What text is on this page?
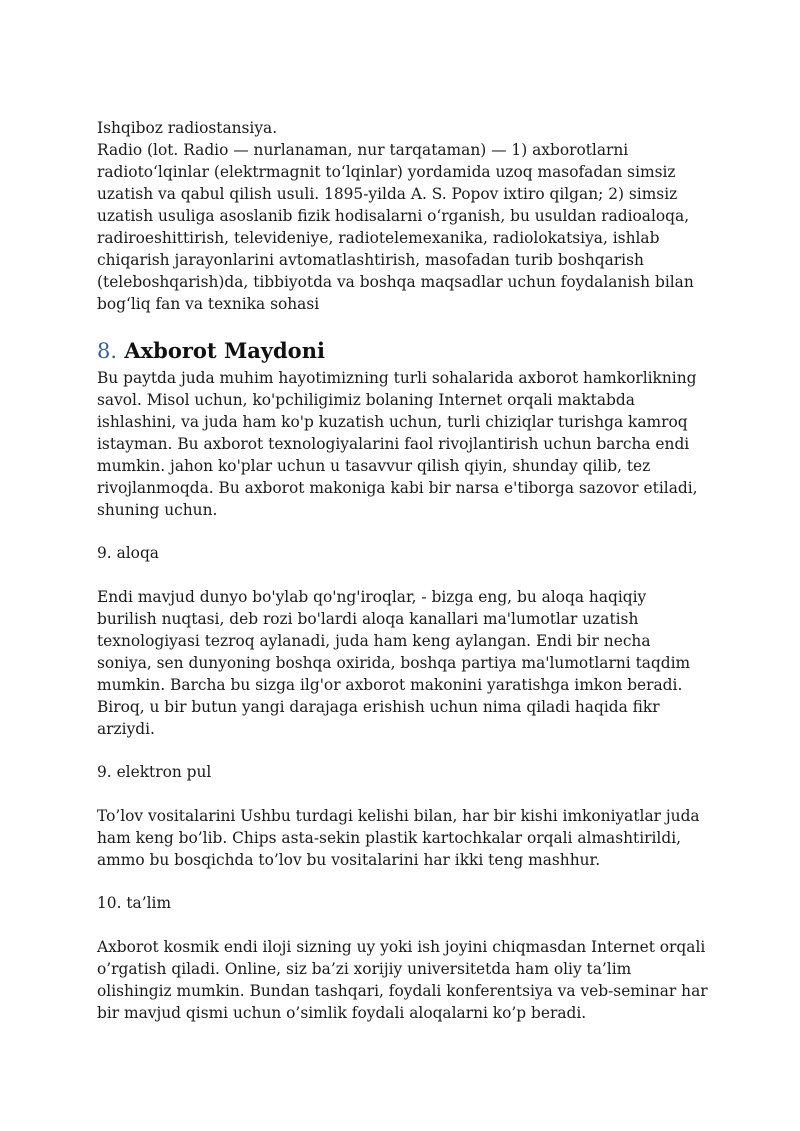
Ishqiboz radiostansiya.

Radio (lot. Radio — nurlanaman, nur tarqataman) — 1) axborotlarni radioto‘lqinlar (elektrmagnit to‘lqinlar) yordamida uzoq masofadan simsiz uzatish va qabul qilish usuli. 1895-yilda A. S. Popov ixtiro qilgan; 2) simsiz uzatish usuliga asoslanib fizik hodisalarni o‘rganish, bu usuldan radioaloqa, radiroeshittirish, televideniye, radiotelemexanika, radiolokatsiya, ishlab chiqarish jarayonlarini avtomatlashtirish, masofadan turib boshqarish (teleboshqarish)da, tibbiyotda va boshqa maqsadlar uchun foydalanish bilan bog‘liq fan va texnika sohasi

8. Axborot Maydoni

Bu paytda juda muhim hayotimizning turli sohalarida axborot hamkorlikning savol. Misol uchun, ko'pchiligimiz bolaning Internet orqali maktabda ishlashini, va juda ham ko'p kuzatish uchun, turli chiziqlar turishga kamroq istayman. Bu axborot texnologiyalarini faol rivojlantirish uchun barcha endi mumkin. jahon ko'plar uchun u tasavvur qilish qiyin, shunday qilib, tez rivojlanmoqda. Bu axborot makoniga kabi bir narsa e'tiborga sazovor etiladi, shuning uchun.

9. aloqa

Endi mavjud dunyo bo'ylab qo'ng'iroqlar, - bizga eng, bu aloqa haqiqiy burilish nuqtasi, deb rozi bo'lardi aloqa kanallari ma'lumotlar uzatish texnologiyasi tezroq aylanadi, juda ham keng aylangan. Endi bir necha soniya, sen dunyoning boshqa oxirida, boshqa partiya ma'lumotlarni taqdim mumkin. Barcha bu sizga ilg'or axborot makonini yaratishga imkon beradi. Biroq, u bir butun yangi darajaga erishish uchun nima qiladi haqida fikr arziydi.

9. elektron pul

To’lov vositalarini Ushbu turdagi kelishi bilan, har bir kishi imkoniyatlar juda ham keng bo’lib. Chips asta-sekin plastik kartochkalar orqali almashtirildi, ammo bu bosqichda to’lov bu vositalarini har ikki teng mashhur.

10. ta’lim

Axborot kosmik endi iloji sizning uy yoki ish joyini chiqmasdan Internet orqali o’rgatish qiladi. Online, siz ba’zi xorijiy universitetda ham oliy ta’lim olishingiz mumkin. Bundan tashqari, foydali konferentsiya va veb-seminar har bir mavjud qismi uchun o’simlik foydali aloqalarni ko’p beradi.
